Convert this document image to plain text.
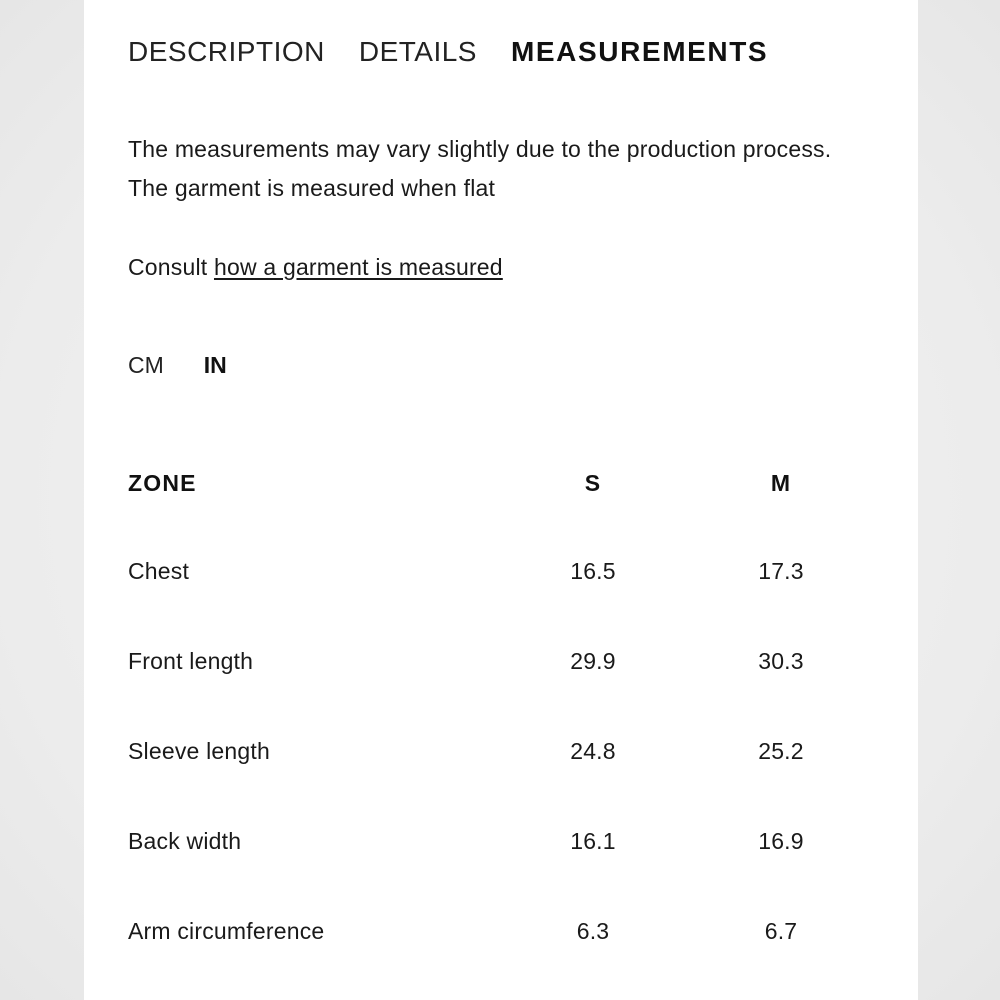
DESCRIPTION DETAILS MEASUREMENTS
The measurements may vary slightly due to the production process.
The garment is measured when flat
Consult how a garment is measured
CM IN
ZONE	S	M
Chest	16.5	17.3
Front length	29.9	30.3
Sleeve length	24.8	25.2
Back width	16.1	16.9
Arm circumference	6.3	6.7
